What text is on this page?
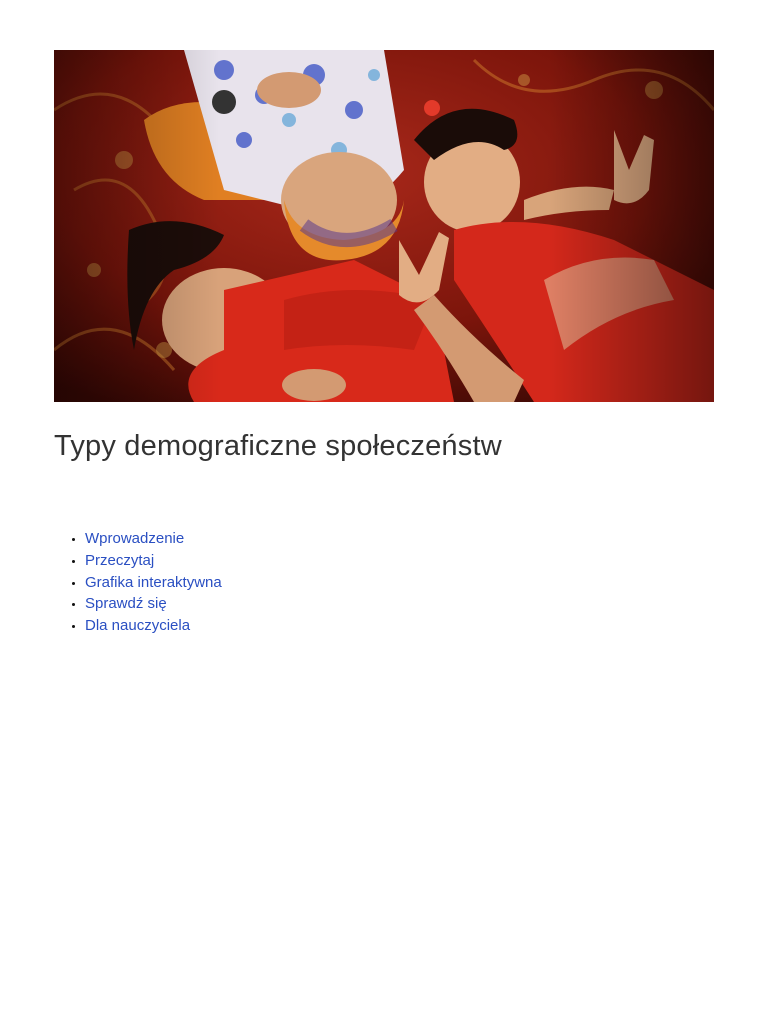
Typy demograficzne społeczeństw
• Wprowadzenie
• Przeczytaj
• Grafika interaktywna
• Sprawdź się
• Dla nauczyciela
